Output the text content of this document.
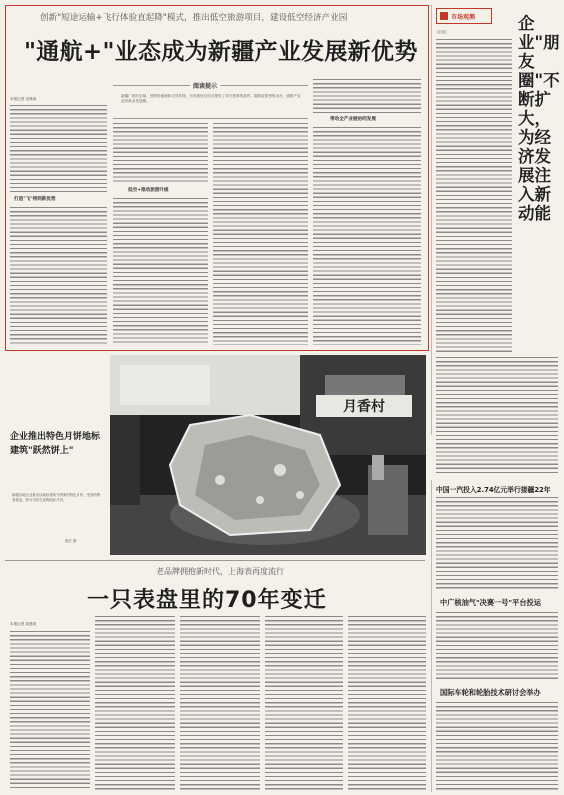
创新"短途运输+飞行体验直起降"模式，推出低空旅游项目，建设低空经济产业园
"通航+"业态成为新疆产业发展新优势
本报记者 吴林涛
打造"飞"得到新优势
阅读提示
新疆广袤的空域、独特的地理和自然环境，为发展低空经济提供了得天独厚的条件。随着政策密集出台，通航产业迎来黄金发展期。
低空+推动旅游升级
带动全产业链协同发展
市场观测
赵娟红	企业"朋友圈"不断扩大，为经济发展注入新动能
企业推出特色月饼地标建筑"跃然饼上"
新疆各地企业推出以地标建筑为图案的特色月饼，受到消费者欢迎。图为市民在选购地标月饼。
晓芸 摄
月香村
老品牌拥抱新时代，上海表再度流行
一只表盘里的70年变迁
本报记者 裴惠莉
中国一汽投入2.74亿元举行接疆22年
中广核油气"决赛一号"平台投运
国际车轮和轮胎技术研讨会举办
